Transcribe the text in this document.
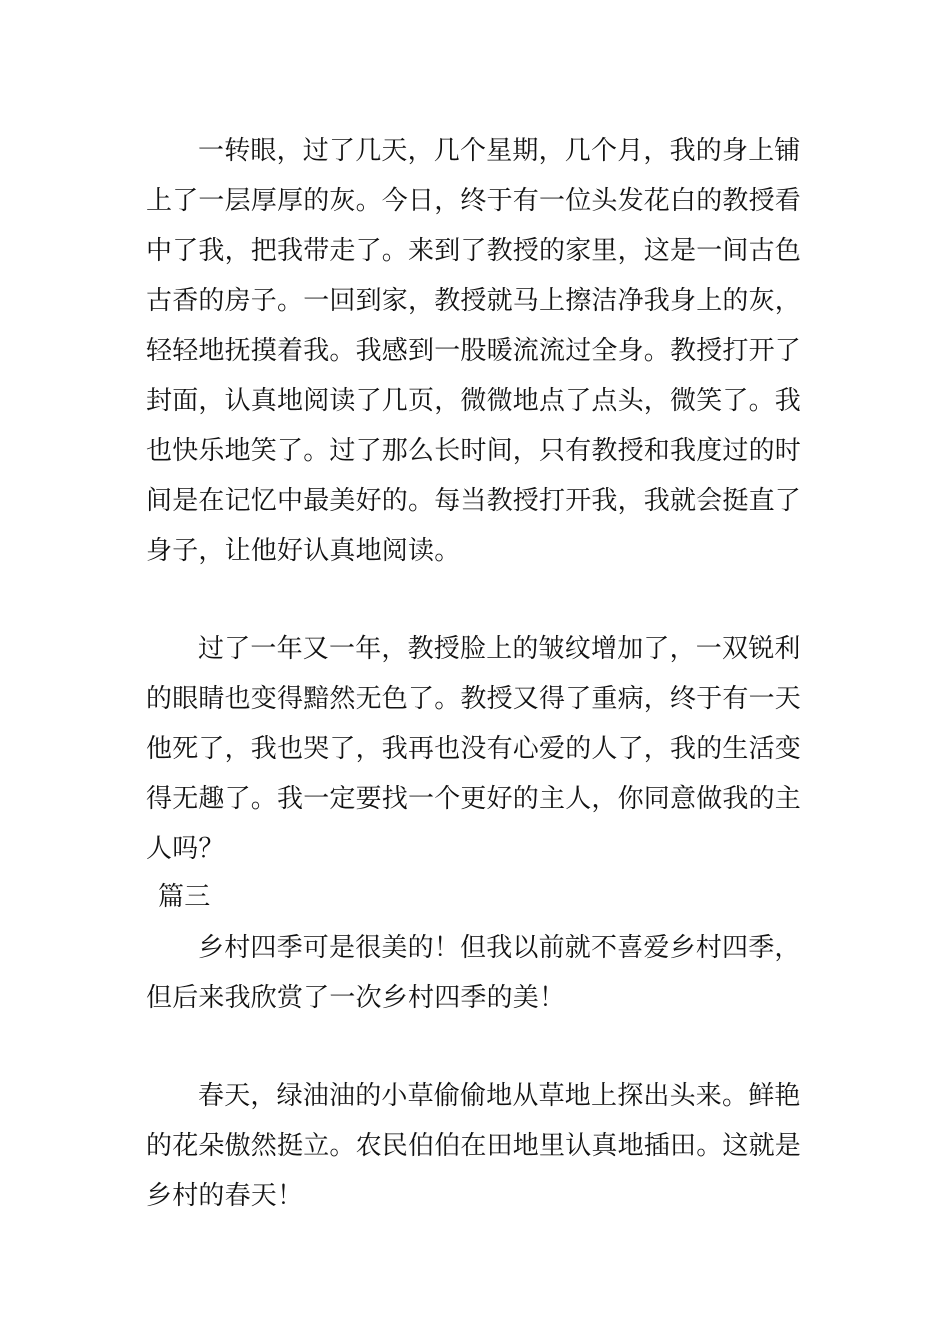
一转眼，过了几天，几个星期，几个月，我的身上铺

上了一层厚厚的灰。今日，终于有一位头发花白的教授看

中了我，把我带走了。来到了教授的家里，这是一间古色

古香的房子。一回到家，教授就马上擦洁净我身上的灰，

轻轻地抚摸着我。我感到一股暖流流过全身。教授打开了

封面，认真地阅读了几页，微微地点了点头，微笑了。我

也快乐地笑了。过了那么长时间，只有教授和我度过的时

间是在记忆中最美好的。每当教授打开我，我就会挺直了

身子，让他好认真地阅读。

过了一年又一年，教授脸上的皱纹增加了，一双锐利

的眼睛也变得黯然无色了。教授又得了重病，终于有一天

他死了，我也哭了，我再也没有心爱的人了，我的生活变

得无趣了。我一定要找一个更好的主人，你同意做我的主

人吗？

篇三

乡村四季可是很美的！但我以前就不喜爱乡村四季，

但后来我欣赏了一次乡村四季的美！

春天，绿油油的小草偷偷地从草地上探出头来。鲜艳

的花朵傲然挺立。农民伯伯在田地里认真地插田。这就是

乡村的春天！
